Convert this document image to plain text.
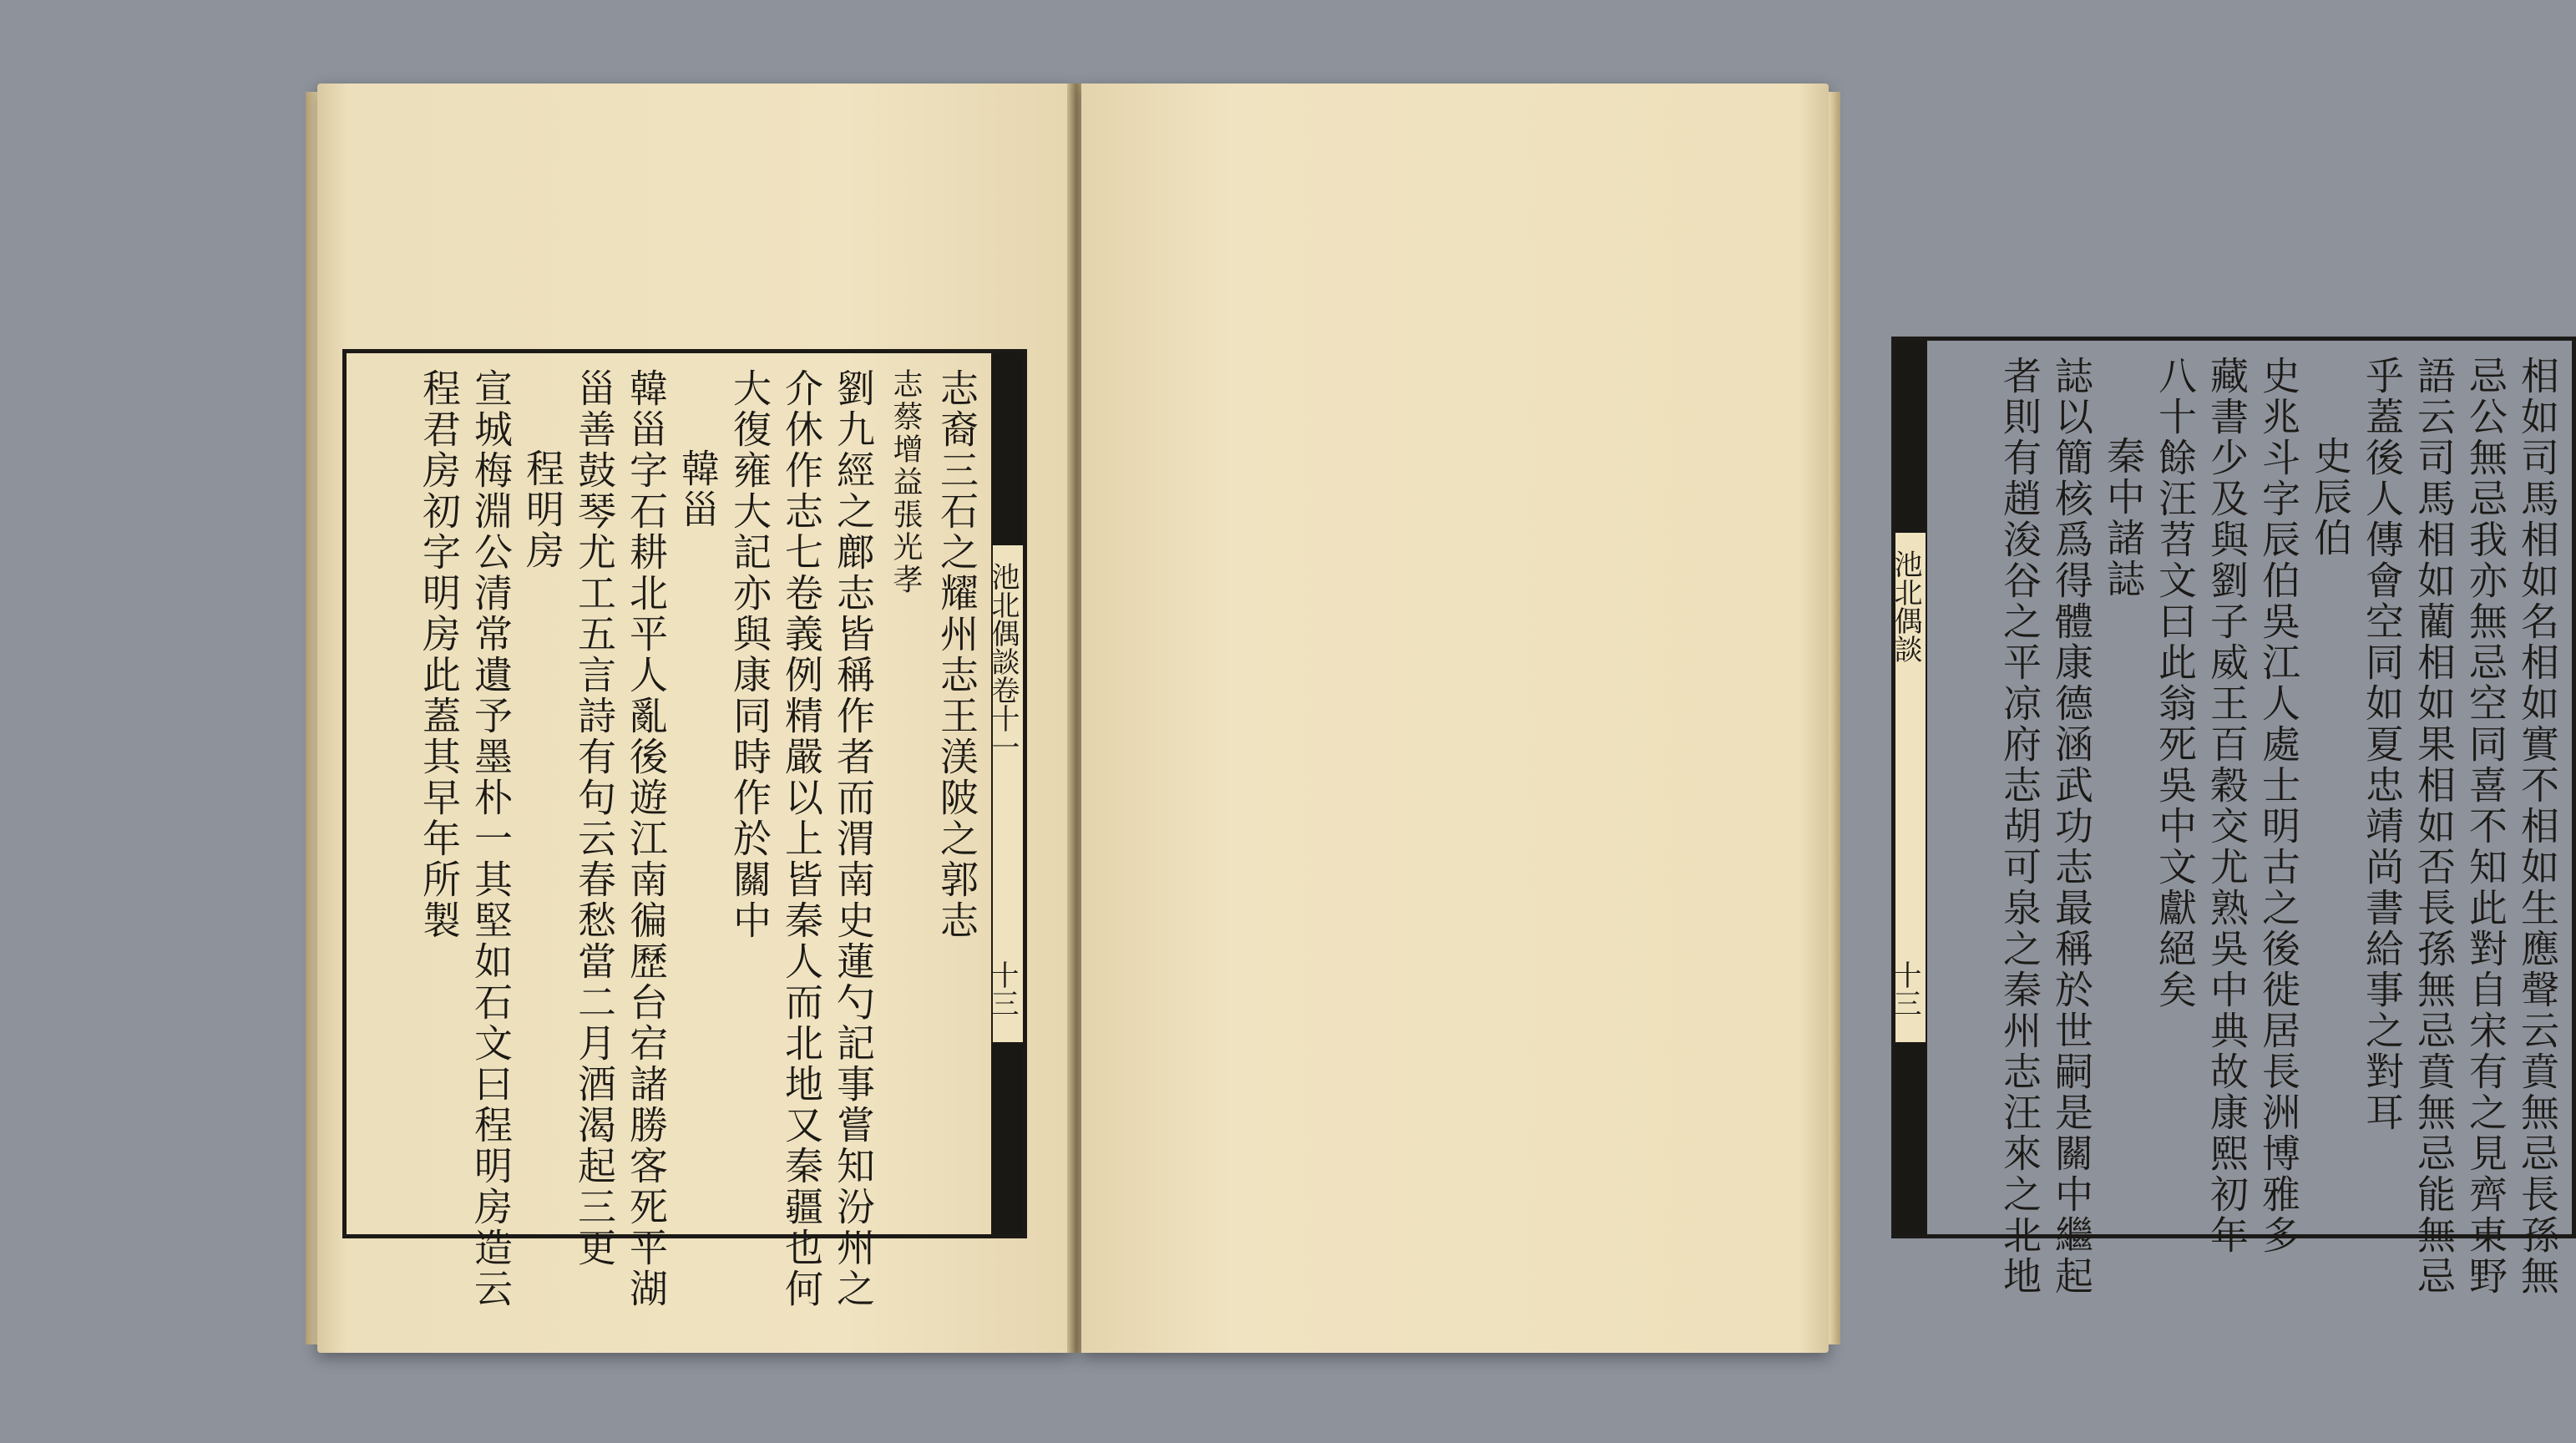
池北偶談卷十一
十三
志裔三石之耀州志王渼陂之郭志
志蔡增益張光孝
劉九經之鄜志皆稱作者而渭南史蓮勺記事嘗知汾州之
介休作志七卷義例精嚴以上皆秦人而北地又秦疆也何
大復雍大記亦與康同時作於關中
韓甾
韓甾字石耕北平人亂後遊江南徧歷台宕諸勝客死平湖
甾善鼓琴尤工五言詩有句云春愁當二月酒渴起三更
程明房
宣城梅淵公清常遺予墨朴一其堅如石文曰程明房造云
程君房初字明房此蓋其早年所製	池北偶談
十三	相如司馬相如名相如實不相如生應聲云賁無忌長孫無
忌公無忌我亦無忌空同喜不知此對自宋有之見齊東野
語云司馬相如藺相如果相如否長孫無忌賁無忌能無忌
乎蓋後人傳會空同如夏忠靖尚書給事之對耳
史辰伯
史兆斗字辰伯吳江人處士明古之後徙居長洲博雅多
藏書少及與劉子威王百穀交尤熟吳中典故康熙初年
八十餘汪苕文曰此翁死吳中文獻絕矣
秦中諸誌
誌以簡核爲得體康德涵武功志最稱於世嗣是關中繼起
者則有趙浚谷之平凉府志胡可泉之秦州志汪來之北地
